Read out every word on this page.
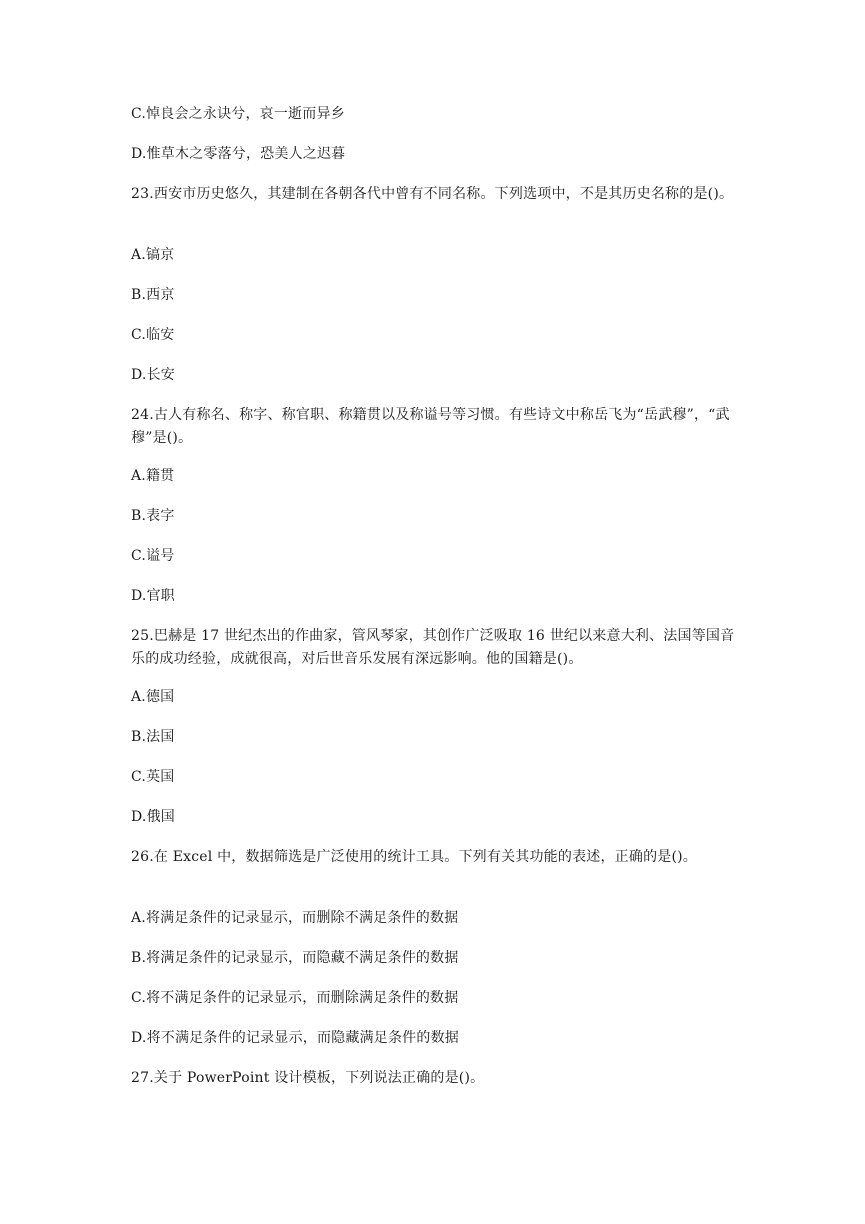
C.悼良会之永诀兮，哀一逝而异乡
D.惟草木之零落兮，恐美人之迟暮
23.西安市历史悠久，其建制在各朝各代中曾有不同名称。下列选项中，不是其历史名称的是()。
A.镐京
B.西京
C.临安
D.长安
24.古人有称名、称字、称官职、称籍贯以及称谥号等习惯。有些诗文中称岳飞为“岳武穆”，“武穆”是()。
A.籍贯
B.表字
C.谥号
D.官职
25.巴赫是 17 世纪杰出的作曲家，管风琴家，其创作广泛吸取 16 世纪以来意大利、法国等国音乐的成功经验，成就很高，对后世音乐发展有深远影响。他的国籍是()。
A.德国
B.法国
C.英国
D.俄国
26.在 Excel 中，数据筛选是广泛使用的统计工具。下列有关其功能的表述，正确的是()。
A.将满足条件的记录显示，而删除不满足条件的数据
B.将满足条件的记录显示，而隐藏不满足条件的数据
C.将不满足条件的记录显示，而删除满足条件的数据
D.将不满足条件的记录显示，而隐藏满足条件的数据
27.关于 PowerPoint 设计模板，下列说法正确的是()。
